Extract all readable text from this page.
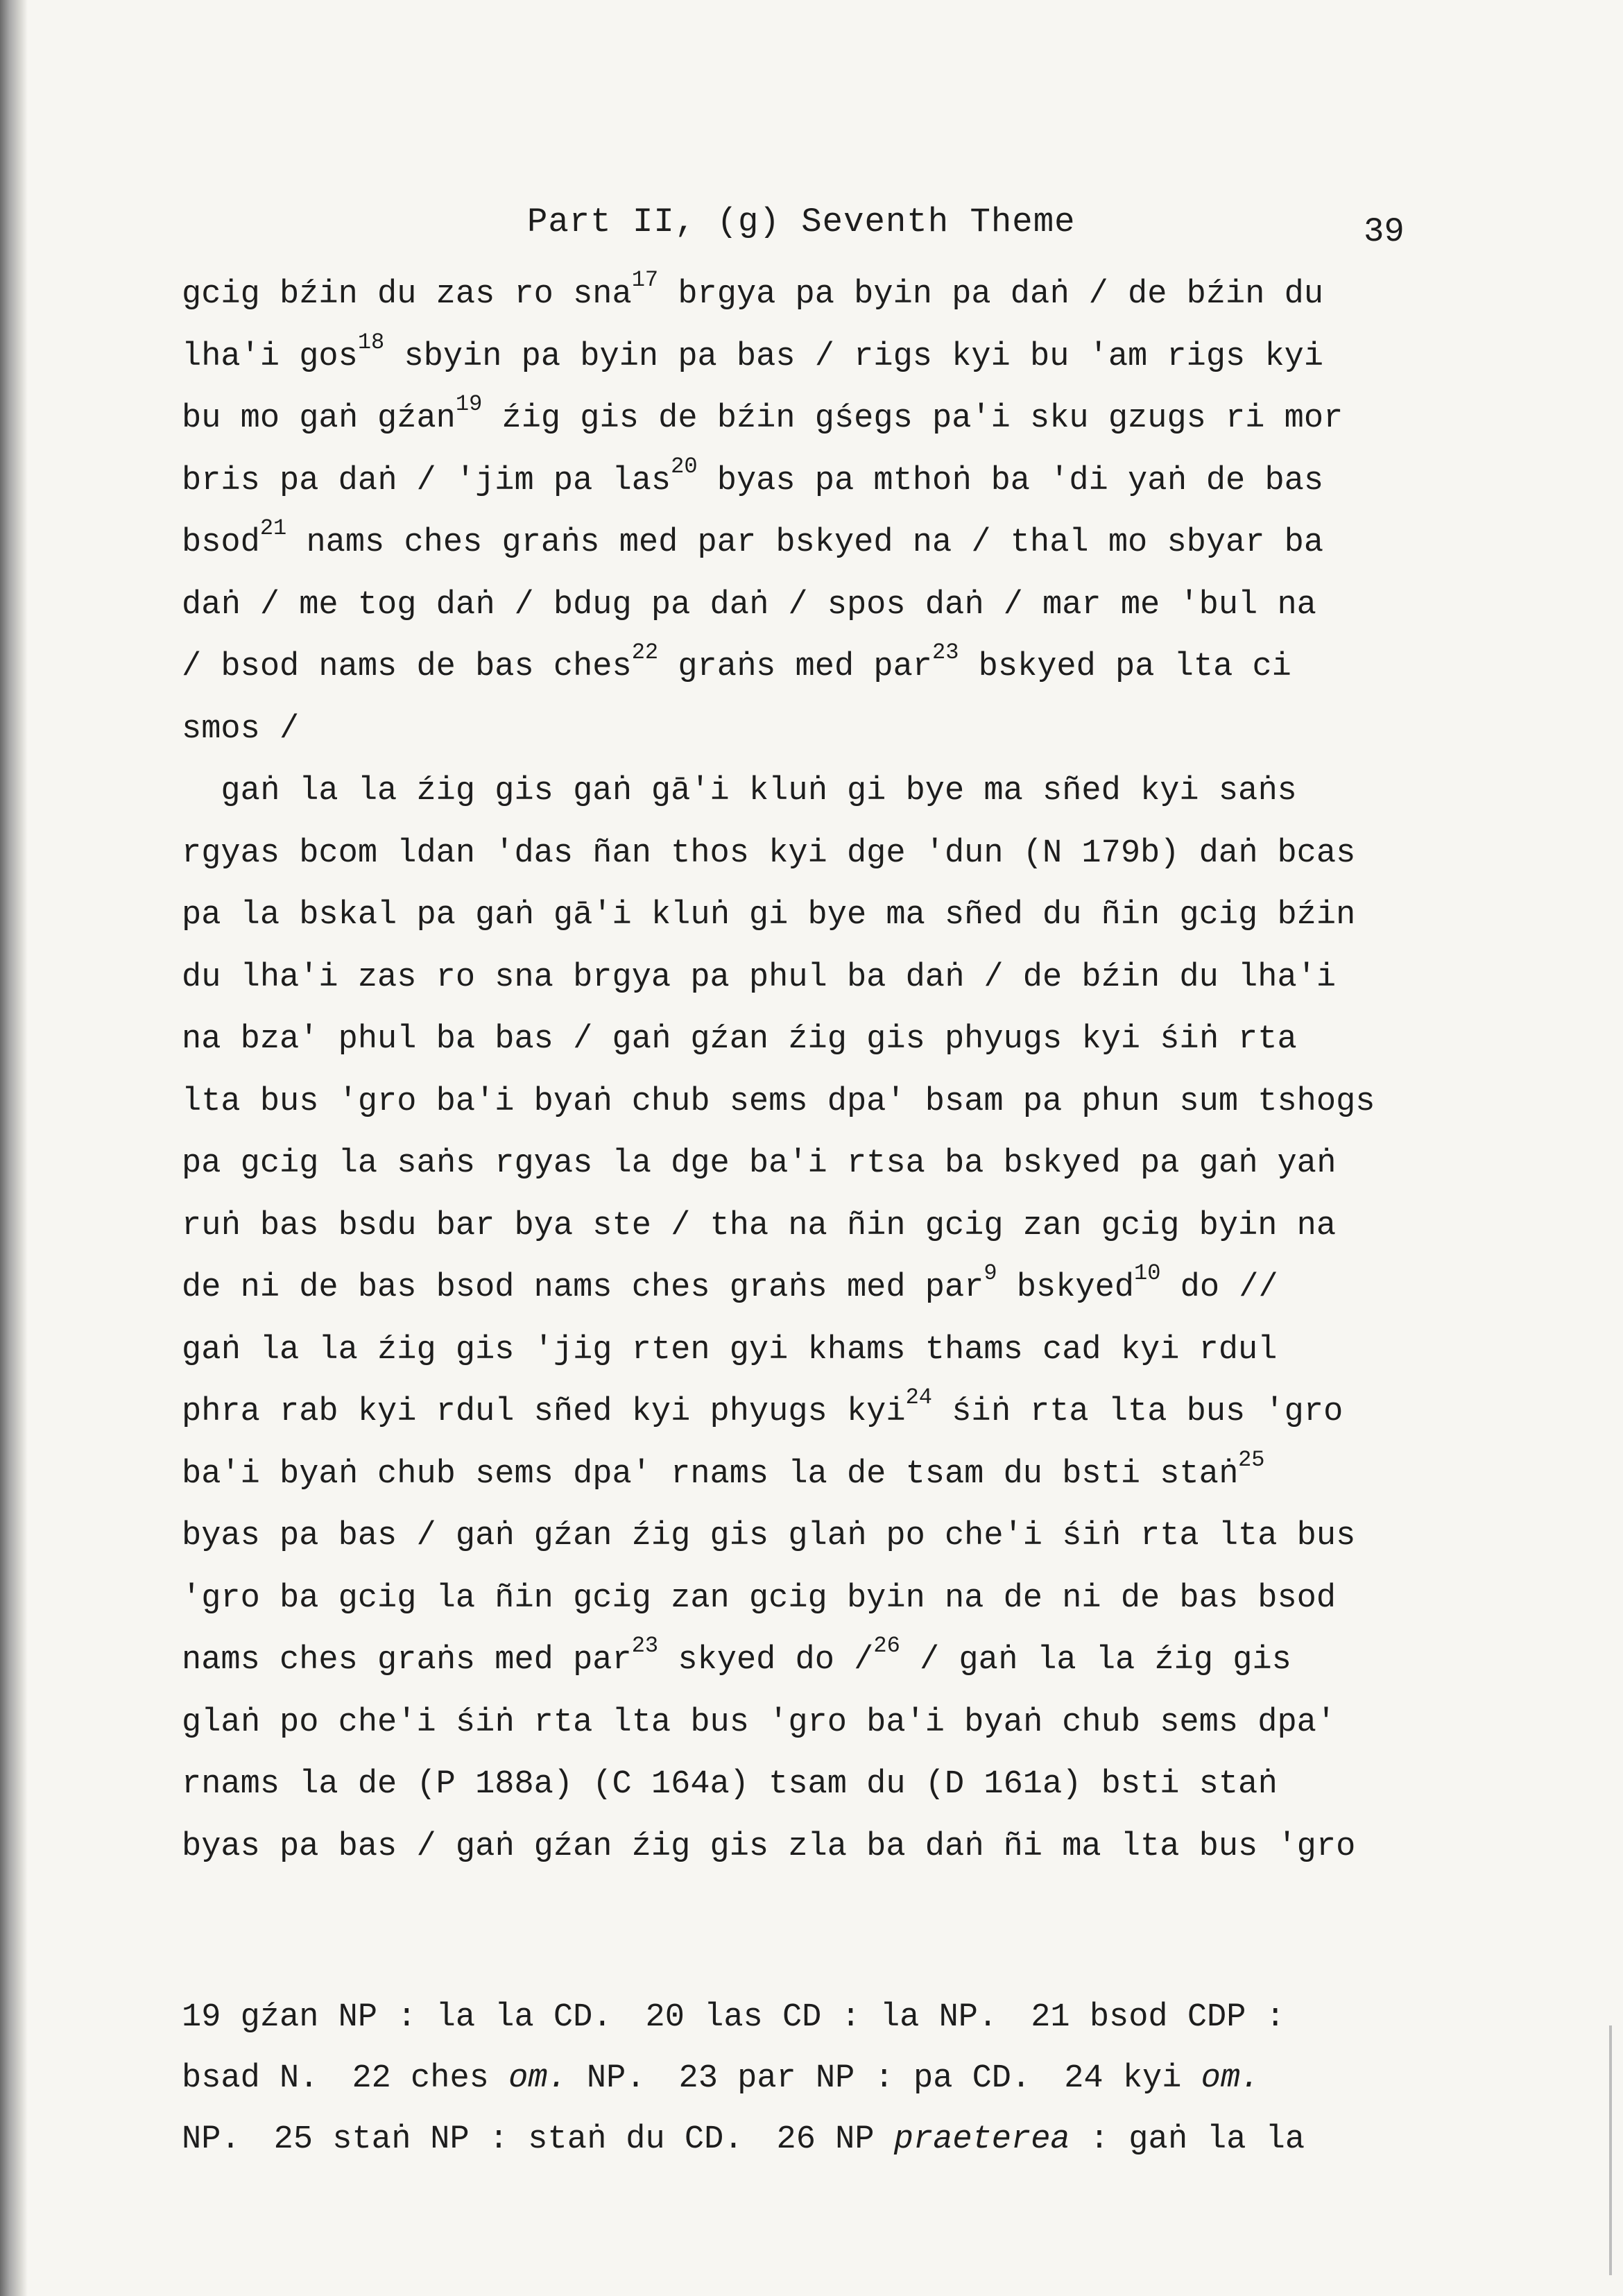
Part II, (g) Seventh Theme	39
gcig bźin du zas ro sna$^{17}$ brgya pa byin pa daṅ / de bźin du
lha'i gos$^{18}$ sbyin pa byin pa bas / rigs kyi bu 'am rigs kyi
bu mo gaṅ gźan$^{19}$ źig gis de bźin gśegs pa'i sku gzugs ri mor
bris pa daṅ / 'jim pa las$^{20}$ byas pa mthoṅ ba 'di yaṅ de bas
bsod$^{21}$ nams ches graṅs med par bskyed na / thal mo sbyar ba
daṅ / me tog daṅ / bdug pa daṅ / spos daṅ / mar me 'bul na
/ bsod nams de bas ches$^{22}$ graṅs med par$^{23}$ bskyed pa lta ci
smos /
gaṅ la la źig gis gaṅ gā'i kluṅ gi bye ma sñed kyi saṅs
rgyas bcom ldan 'das ñan thos kyi dge 'dun (N 179b) daṅ bcas
pa la bskal pa gaṅ gā'i kluṅ gi bye ma sñed du ñin gcig bźin
du lha'i zas ro sna brgya pa phul ba daṅ / de bźin du lha'i
na bza' phul ba bas / gaṅ gźan źig gis phyugs kyi śiṅ rta
lta bus 'gro ba'i byaṅ chub sems dpa' bsam pa phun sum tshogs
pa gcig la saṅs rgyas la dge ba'i rtsa ba bskyed pa gaṅ yaṅ
ruṅ bas bsdu bar bya ste / tha na ñin gcig zan gcig byin na
de ni de bas bsod nams ches graṅs med par$^9$ bskyed$^{10}$ do //
gaṅ la la źig gis 'jig rten gyi khams thams cad kyi rdul
phra rab kyi rdul sñed kyi phyugs kyi$^{24}$ śiṅ rta lta bus 'gro
ba'i byaṅ chub sems dpa' rnams la de tsam du bsti staṅ$^{25}$
byas pa bas / gaṅ gźan źig gis glaṅ po che'i śiṅ rta lta bus
'gro ba gcig la ñin gcig zan gcig byin na de ni de bas bsod
nams ches graṅs med par$^{23}$ skyed do /$^{26}$ / gaṅ la la źig gis
glaṅ po che'i śiṅ rta lta bus 'gro ba'i byaṅ chub sems dpa'
rnams la de (P 188a) (C 164a) tsam du (D 161a) bsti staṅ
byas pa bas / gaṅ gźan źig gis zla ba daṅ ñi ma lta bus 'gro
19 gźan NP : la la CD. 20 las CD : la NP. 21 bsod CDP :
bsad N. 22 ches om. NP. 23 par NP : pa CD. 24 kyi om.
NP. 25 staṅ NP : staṅ du CD. 26 NP praeterea : gaṅ la la
